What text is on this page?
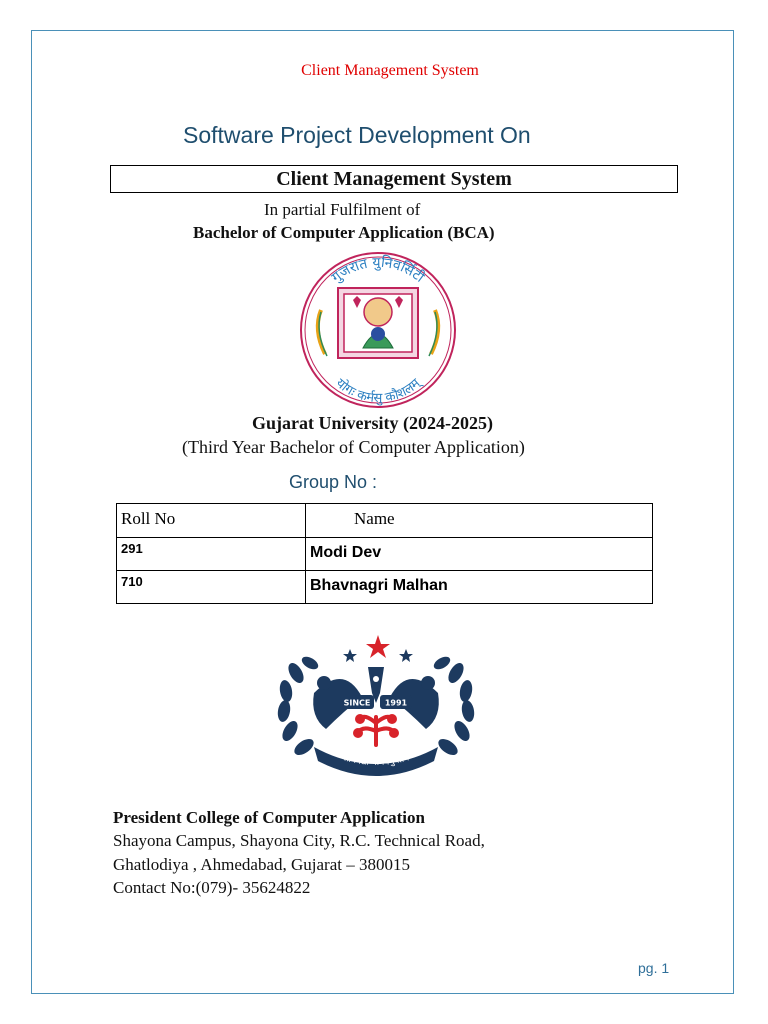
Client Management System
Software Project Development On
Client Management System
In partial Fulfilment of
Bachelor of Computer Application (BCA)
गुजरात युनिवर्सिटी
योगः कर्मसु कौशलम्
Gujarat University (2024-2025)
(Third Year Bachelor of Computer Application)
Group No :
Roll No	Name
291	Modi Dev
710	Bhavnagri Malhan
SINCE 1991
सा विद्या या विमुक्तये
President College of Computer Application
Shayona Campus, Shayona City, R.C. Technical Road,
Ghatlodiya , Ahmedabad, Gujarat – 380015
Contact No:(079)- 35624822
pg. 1
